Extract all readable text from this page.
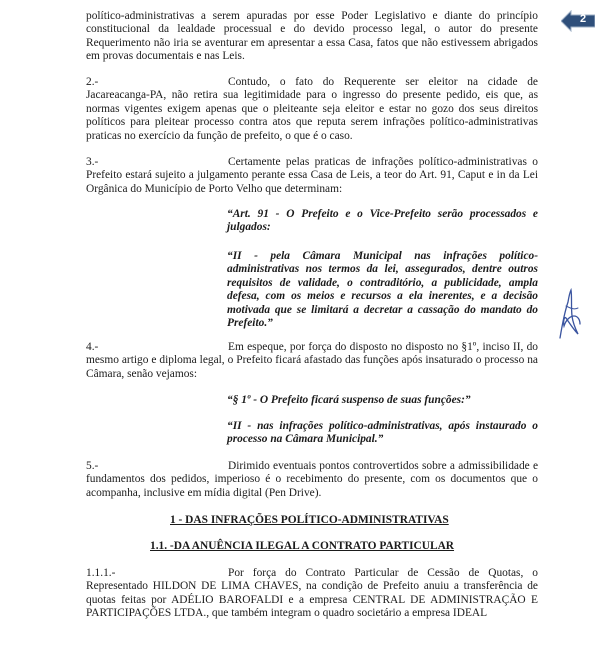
2
político-administrativas a serem apuradas por esse Poder Legislativo e diante do princípio constitucional da lealdade processual e do devido processo legal, o autor do presente Requerimento não iria se aventurar em apresentar a essa Casa, fatos que não estivessem abrigados em provas documentais e nas Leis.
2.-	Contudo, o fato do Requerente ser eleitor na cidade de Jacareacanga-PA, não retira sua legitimidade para o ingresso do presente pedido, eis que, as normas vigentes exigem apenas que o pleiteante seja eleitor e estar no gozo dos seus direitos políticos para pleitear processo contra atos que reputa serem infrações político-administrativas praticas no exercício da função de prefeito, o que é o caso.
3.-	Certamente pelas praticas de infrações político-administrativas o Prefeito estará sujeito a julgamento perante essa Casa de Leis, a teor do Art. 91, Caput e in da Lei Orgânica do Município de Porto Velho que determinam:
“Art. 91 - O Prefeito e o Vice-Prefeito serão processados e julgados:
“II - pela Câmara Municipal nas infrações político-administrativas nos termos da lei, assegurados, dentre outros requisitos de validade, o contraditório, a publicidade, ampla defesa, com os meios e recursos a ela inerentes, e a decisão motivada que se limitará a decretar a cassação do mandato do Prefeito.”
4.-	Em espeque, por força do disposto no disposto no §1º, inciso II, do mesmo artigo e diploma legal, o Prefeito ficará afastado das funções após insaturado o processo na Câmara, senão vejamos:
“§ 1º - O Prefeito ficará suspenso de suas funções:”
“II - nas infrações político-administrativas, após instaurado o processo na Câmara Municipal.”
5.-	Dirimido eventuais pontos controvertidos sobre a admissibilidade e fundamentos dos pedidos, imperioso é o recebimento do presente, com os documentos que o acompanha, inclusive em mídia digital (Pen Drive).
1 - DAS INFRAÇÕES POLÍTICO-ADMINISTRATIVAS
1.1. -DA ANUÊNCIA ILEGAL A CONTRATO PARTICULAR
1.1.1.-	Por força do Contrato Particular de Cessão de Quotas, o Representado HILDON DE LIMA CHAVES, na condição de Prefeito anuiu a transferência de quotas feitas por ADÉLIO BAROFALDI e a empresa CENTRAL DE ADMINISTRAÇÃO E PARTICIPAÇÕES LTDA., que também integram o quadro societário a empresa IDEAL
